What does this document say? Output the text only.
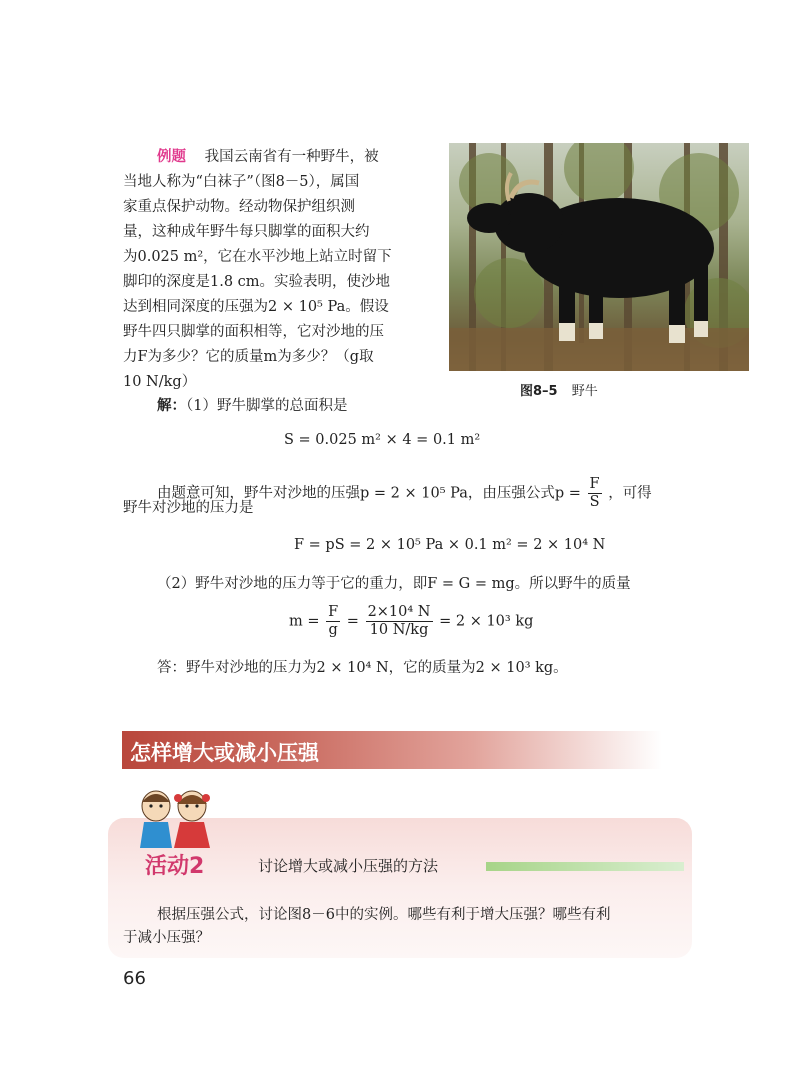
例题 我国云南省有一种野牛，被
当地人称为“白袜子”（图8－5），属国
家重点保护动物。经动物保护组织测
量，这种成年野牛每只脚掌的面积大约
为0.025 m²，它在水平沙地上站立时留下
脚印的深度是1.8 cm。实验表明，使沙地
达到相同深度的压强为2 × 10⁵ Pa。假设
野牛四只脚掌的面积相等，它对沙地的压
力F为多少？它的质量m为多少？（g取
10 N/kg）
图8–5 野牛
解：（1）野牛脚掌的总面积是
S = 0.025 m² × 4 = 0.1 m²
由题意可知，野牛对沙地的压强p = 2 × 10⁵ Pa，由压强公式$p = \frac{F}{S}$ ，可得
野牛对沙地的压力是
F = pS = 2 × 10⁵ Pa × 0.1 m² = 2 × 10⁴ N
（2）野牛对沙地的压力等于它的重力，即F = G = mg。所以野牛的质量
$m = \frac{F}{g} = \frac{\text{2×10⁴ N}}{10 N/kg} = 2 \times 10^3$ kg
答：野牛对沙地的压力为2 × 10⁴ N，它的质量为2 × 10³ kg。
怎样增大或减小压强
活动2	讨论增大或减小压强的方法
根据压强公式，讨论图8－6中的实例。哪些有利于增大压强？哪些有利
于减小压强？
66
